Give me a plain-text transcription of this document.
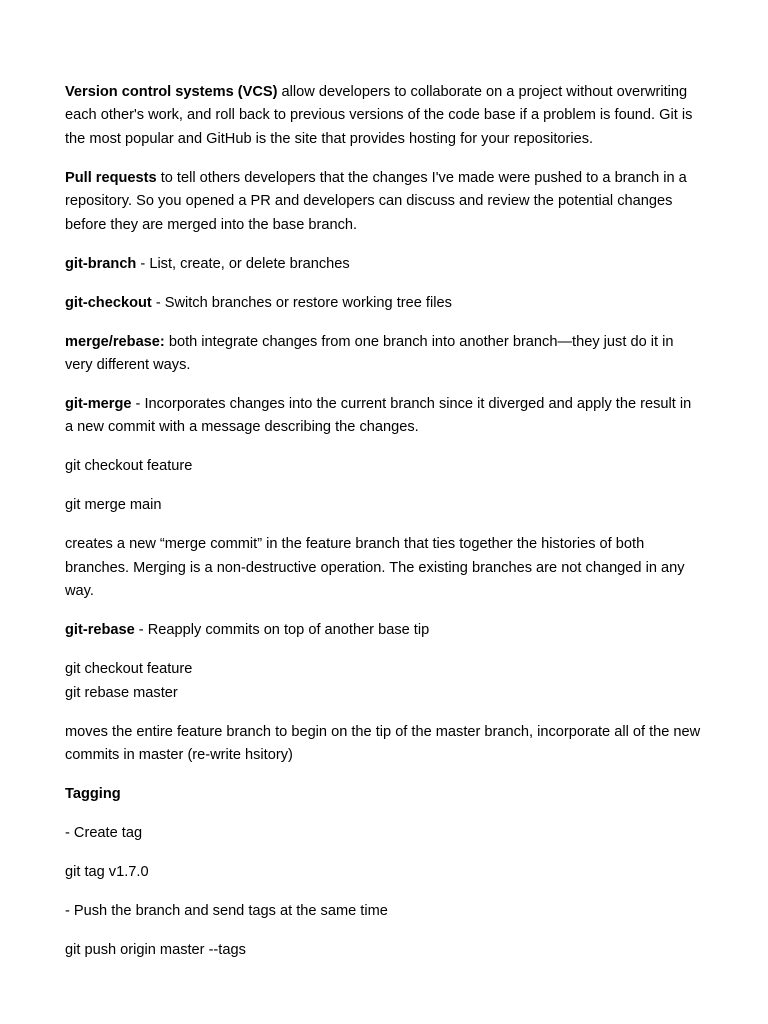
Version control systems (VCS) allow developers to collaborate on a project without overwriting each other's work, and roll back to previous versions of the code base if a problem is found. Git is the most popular and GitHub is the site that provides hosting for your repositories.

Pull requests to tell others developers that the changes I've made were pushed to a branch in a repository. So you opened a PR and developers can discuss and review the potential changes before they are merged into the base branch.

git-branch - List, create, or delete branches

git-checkout - Switch branches or restore working tree files

merge/rebase: both integrate changes from one branch into another branch—they just do it in very different ways.

git-merge - Incorporates changes into the current branch since it diverged and apply the result in a new commit with a message describing the changes.

git checkout feature

git merge main

creates a new “merge commit” in the feature branch that ties together the histories of both branches. Merging is a non-destructive operation. The existing branches are not changed in any way.

git-rebase - Reapply commits on top of another base tip

git checkout feature

git rebase master

moves the entire feature branch to begin on the tip of the master branch, incorporate all of the new commits in master (re-write hsitory)

Tagging

- Create tag

git tag v1.7.0

- Push the branch and send tags at the same time

git push origin master --tags
